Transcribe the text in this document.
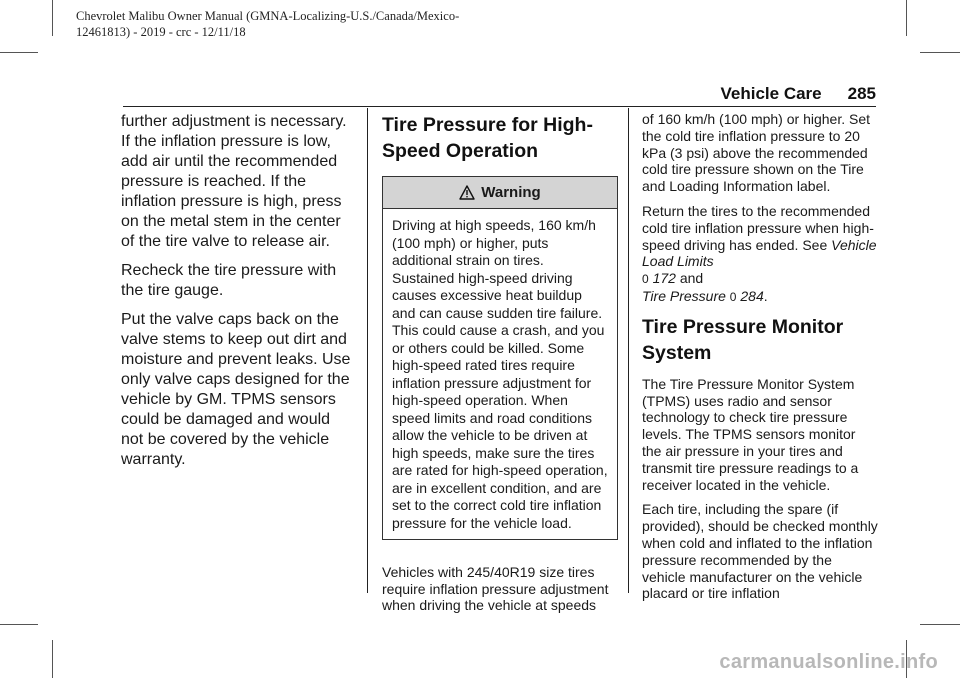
Chevrolet Malibu Owner Manual (GMNA-Localizing-U.S./Canada/Mexico-
12461813) - 2019 - crc - 12/11/18
Vehicle Care 285

further adjustment is necessary. If the inflation pressure is low, add air until the recommended pressure is reached. If the inflation pressure is high, press on the metal stem in the center of the tire valve to release air.

Recheck the tire pressure with the tire gauge.

Put the valve caps back on the valve stems to keep out dirt and moisture and prevent leaks. Use only valve caps designed for the vehicle by GM. TPMS sensors could be damaged and would not be covered by the vehicle warranty.

Tire Pressure for High-Speed Operation
Warning
Driving at high speeds, 160 km/h (100 mph) or higher, puts additional strain on tires. Sustained high-speed driving causes excessive heat buildup and can cause sudden tire failure. This could cause a crash, and you or others could be killed. Some high-speed rated tires require inflation pressure adjustment for high-speed operation. When speed limits and road conditions allow the vehicle to be driven at high speeds, make sure the tires are rated for high-speed operation, are in excellent condition, and are set to the correct cold tire inflation pressure for the vehicle load.

Vehicles with 245/40R19 size tires require inflation pressure adjustment when driving the vehicle at speeds

of 160 km/h (100 mph) or higher. Set the cold tire inflation pressure to 20 kPa (3 psi) above the recommended cold tire pressure shown on the Tire and Loading Information label.

Return the tires to the recommended cold tire inflation pressure when high-speed driving has ended. See Vehicle Load Limits
0 172 and
Tire Pressure 0 284.

Tire Pressure Monitor System

The Tire Pressure Monitor System (TPMS) uses radio and sensor technology to check tire pressure levels. The TPMS sensors monitor the air pressure in your tires and transmit tire pressure readings to a receiver located in the vehicle.

Each tire, including the spare (if provided), should be checked monthly when cold and inflated to the inflation pressure recommended by the vehicle manufacturer on the vehicle placard or tire inflation

carmanualsonline.info
